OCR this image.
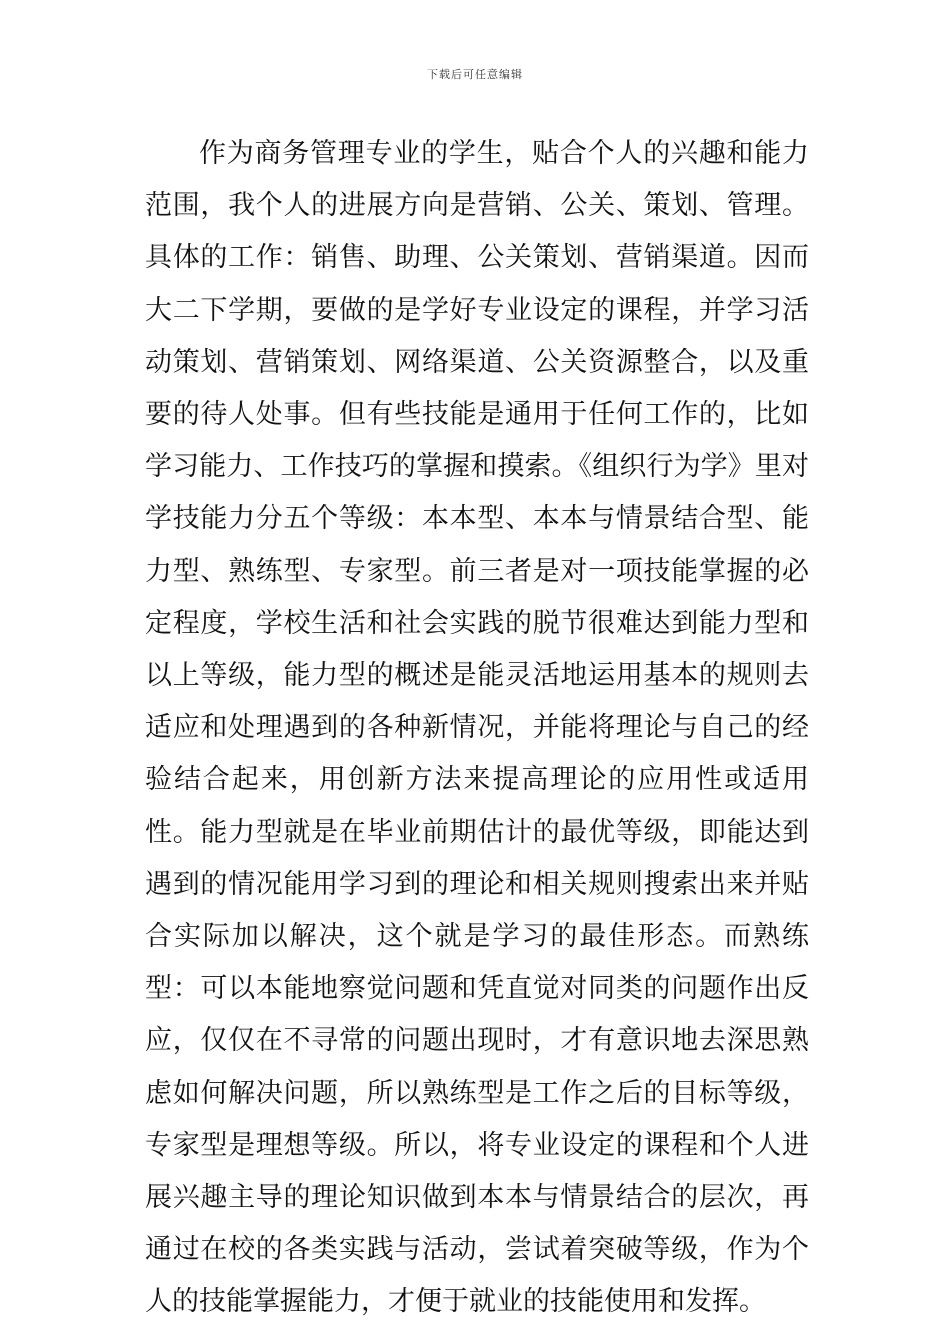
下载后可任意编辑

作为商务管理专业的学生，贴合个人的兴趣和能力范围，我个人的进展方向是营销、公关、策划、管理。具体的工作：销售、助理、公关策划、营销渠道。因而大二下学期，要做的是学好专业设定的课程，并学习活动策划、营销策划、网络渠道、公关资源整合，以及重要的待人处事。但有些技能是通用于任何工作的，比如学习能力、工作技巧的掌握和摸索。《组织行为学》里对学技能力分五个等级：本本型、本本与情景结合型、能力型、熟练型、专家型。前三者是对一项技能掌握的必定程度，学校生活和社会实践的脱节很难达到能力型和以上等级，能力型的概述是能灵活地运用基本的规则去适应和处理遇到的各种新情况，并能将理论与自己的经验结合起来，用创新方法来提高理论的应用性或适用性。能力型就是在毕业前期估计的最优等级，即能达到遇到的情况能用学习到的理论和相关规则搜索出来并贴合实际加以解决，这个就是学习的最佳形态。而熟练型：可以本能地察觉问题和凭直觉对同类的问题作出反应，仅仅在不寻常的问题出现时，才有意识地去深思熟虑如何解决问题，所以熟练型是工作之后的目标等级，专家型是理想等级。所以，将专业设定的课程和个人进展兴趣主导的理论知识做到本本与情景结合的层次，再通过在校的各类实践与活动，尝试着突破等级，作为个人的技能掌握能力，才便于就业的技能使用和发挥。
